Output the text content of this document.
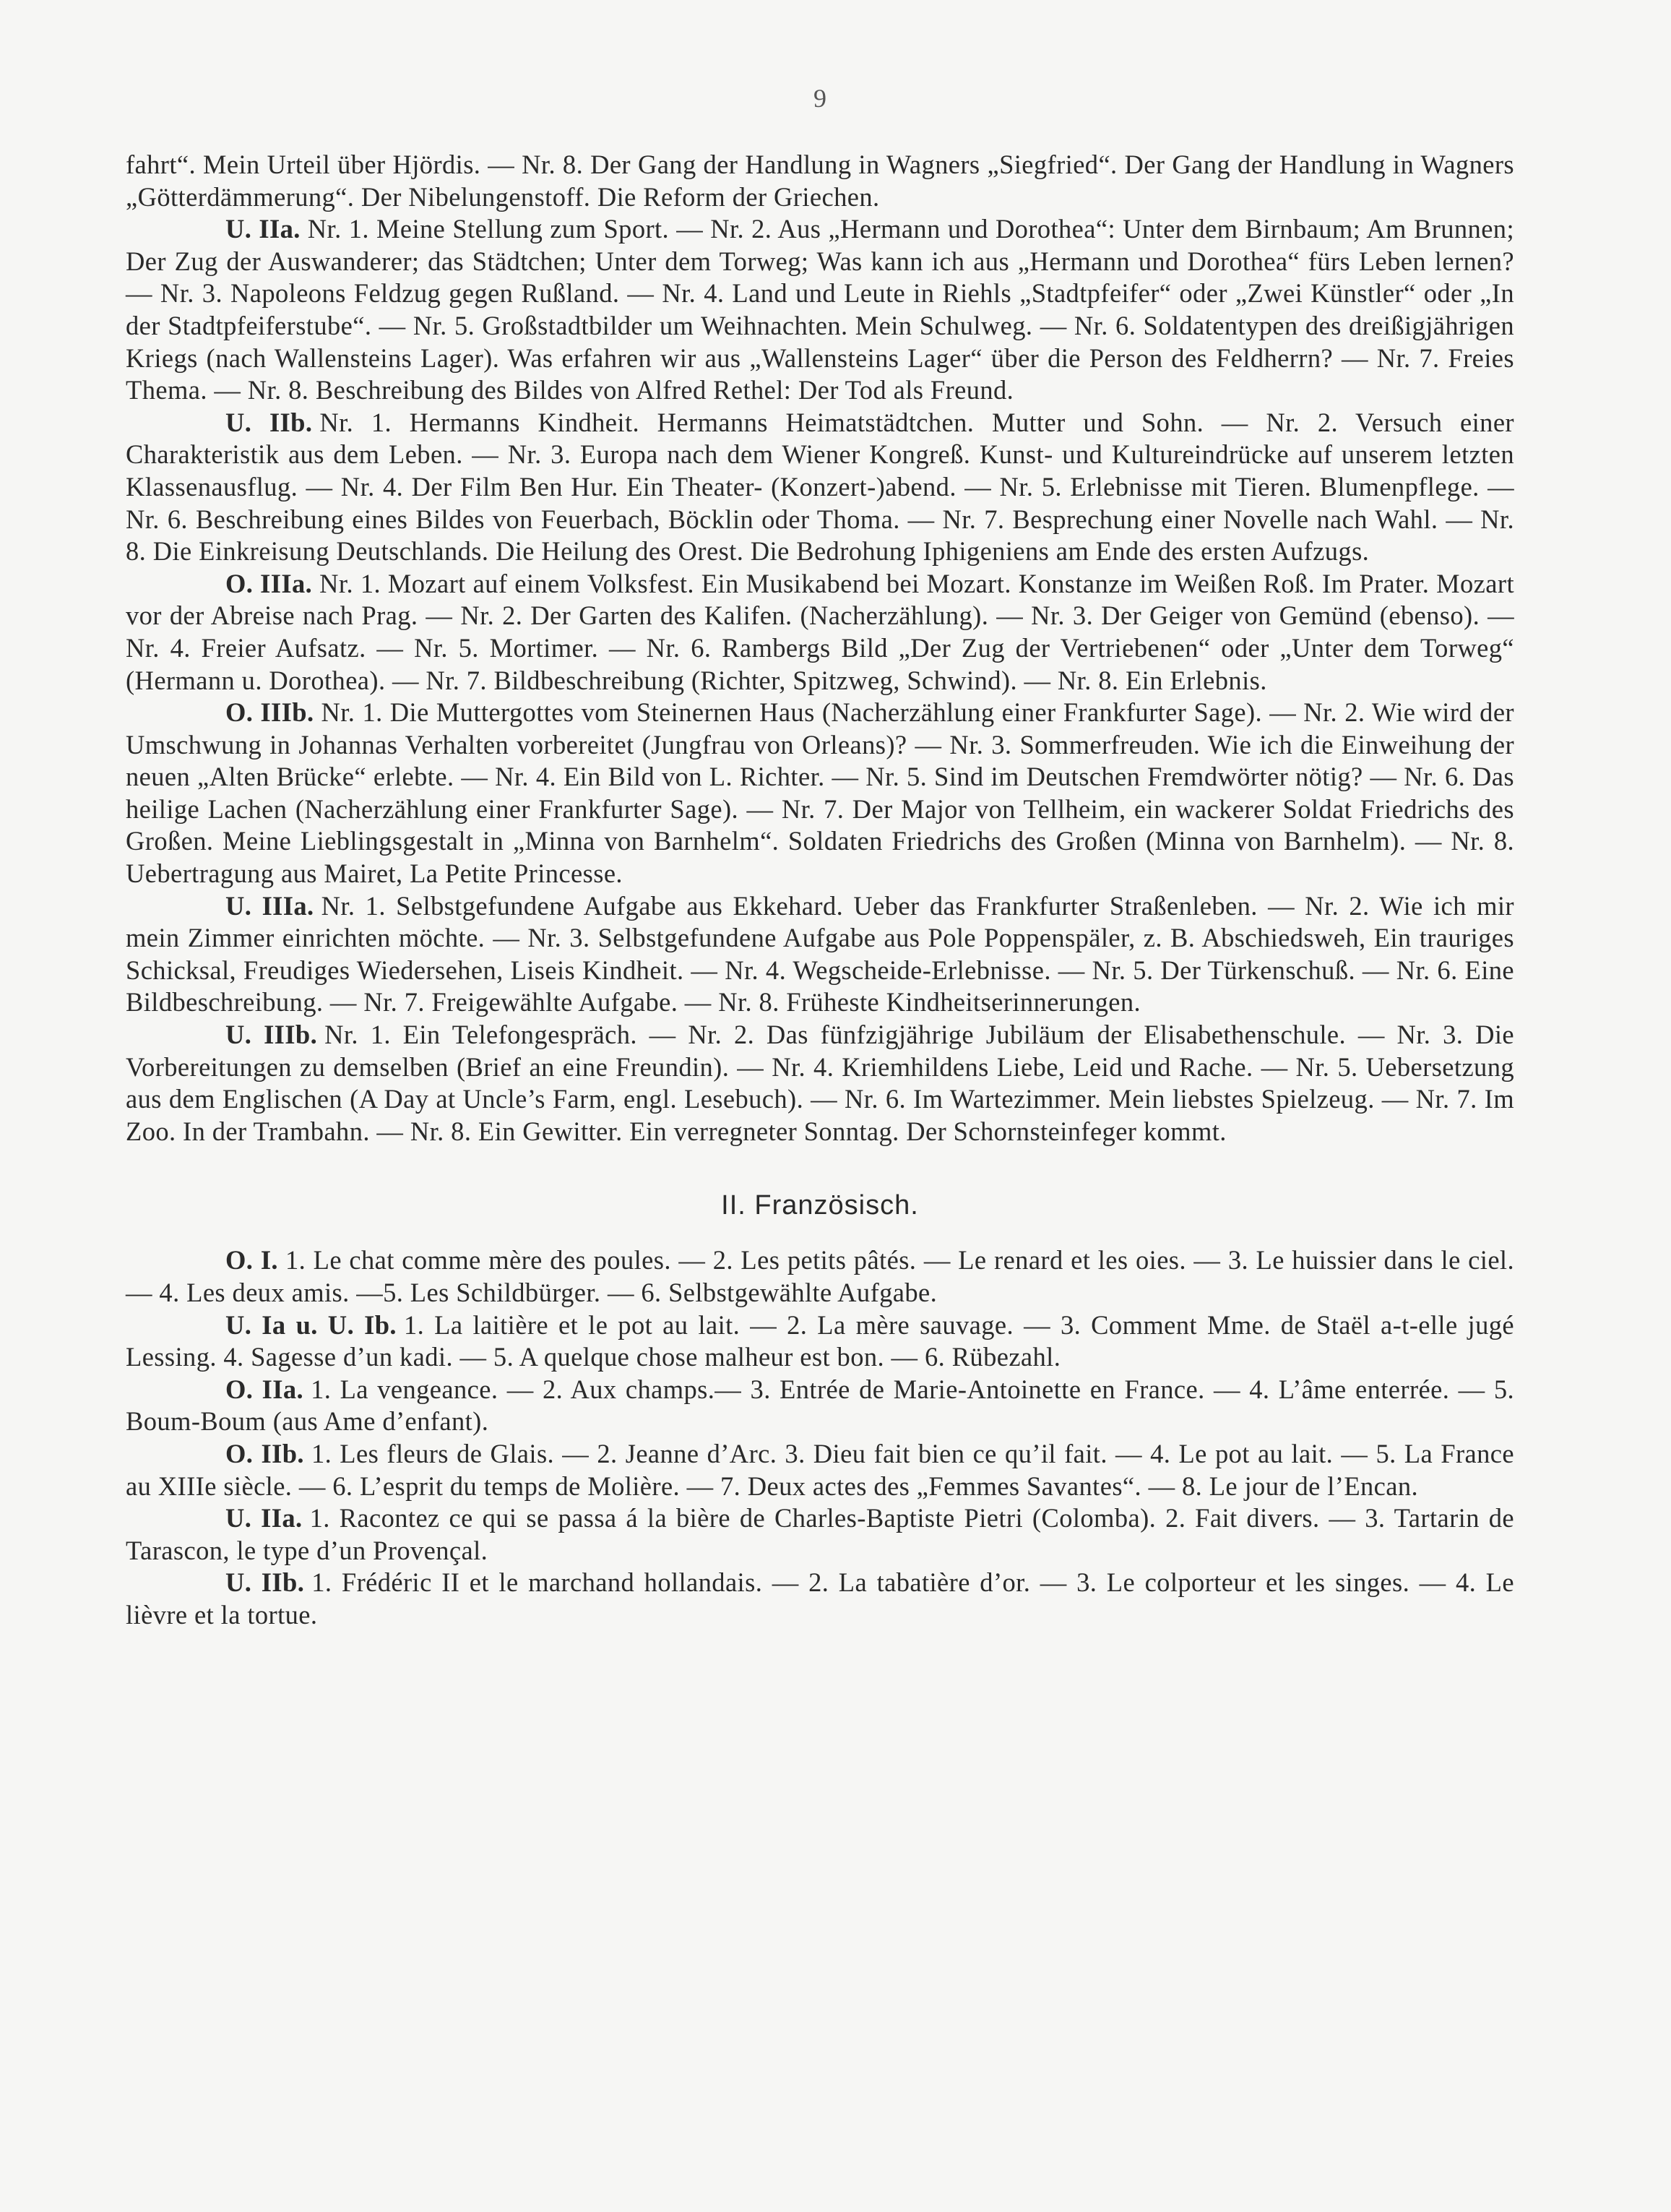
9

fahrt“. Mein Urteil über Hjördis. — Nr. 8. Der Gang der Handlung in Wagners „Siegfried“. Der Gang der Handlung in Wagners „Götterdämmerung“. Der Nibelungenstoff. Die Reform der Griechen.

U. IIa. Nr. 1. Meine Stellung zum Sport. — Nr. 2. Aus „Hermann und Dorothea“: Unter dem Birnbaum; Am Brunnen; Der Zug der Auswanderer; das Städtchen; Unter dem Torweg; Was kann ich aus „Hermann und Dorothea“ fürs Leben lernen? — Nr. 3. Napoleons Feldzug gegen Rußland. — Nr. 4. Land und Leute in Riehls „Stadtpfeifer“ oder „Zwei Künstler“ oder „In der Stadtpfeiferstube“. — Nr. 5. Großstadtbilder um Weihnachten. Mein Schulweg. — Nr. 6. Soldatentypen des dreißigjährigen Kriegs (nach Wallensteins Lager). Was erfahren wir aus „Wallensteins Lager“ über die Person des Feldherrn? — Nr. 7. Freies Thema. — Nr. 8. Beschreibung des Bildes von Alfred Rethel: Der Tod als Freund.

U. IIb. Nr. 1. Hermanns Kindheit. Hermanns Heimatstädtchen. Mutter und Sohn. — Nr. 2. Versuch einer Charakteristik aus dem Leben. — Nr. 3. Europa nach dem Wiener Kongreß. Kunst- und Kultureindrücke auf unserem letzten Klassenausflug. — Nr. 4. Der Film Ben Hur. Ein Theater- (Konzert-)abend. — Nr. 5. Erlebnisse mit Tieren. Blumenpflege. — Nr. 6. Beschreibung eines Bildes von Feuerbach, Böcklin oder Thoma. — Nr. 7. Besprechung einer Novelle nach Wahl. — Nr. 8. Die Einkreisung Deutschlands. Die Heilung des Orest. Die Bedrohung Iphigeniens am Ende des ersten Aufzugs.

O. IIIa. Nr. 1. Mozart auf einem Volksfest. Ein Musikabend bei Mozart. Konstanze im Weißen Roß. Im Prater. Mozart vor der Abreise nach Prag. — Nr. 2. Der Garten des Kalifen. (Nacherzählung). — Nr. 3. Der Geiger von Gemünd (ebenso). — Nr. 4. Freier Aufsatz. — Nr. 5. Mortimer. — Nr. 6. Rambergs Bild „Der Zug der Vertriebenen“ oder „Unter dem Torweg“ (Hermann u. Dorothea). — Nr. 7. Bildbeschreibung (Richter, Spitzweg, Schwind). — Nr. 8. Ein Erlebnis.

O. IIIb. Nr. 1. Die Muttergottes vom Steinernen Haus (Nacherzählung einer Frankfurter Sage). — Nr. 2. Wie wird der Umschwung in Johannas Verhalten vorbereitet (Jungfrau von Orleans)? — Nr. 3. Sommerfreuden. Wie ich die Einweihung der neuen „Alten Brücke“ erlebte. — Nr. 4. Ein Bild von L. Richter. — Nr. 5. Sind im Deutschen Fremdwörter nötig? — Nr. 6. Das heilige Lachen (Nacherzählung einer Frankfurter Sage). — Nr. 7. Der Major von Tellheim, ein wackerer Soldat Friedrichs des Großen. Meine Lieblingsgestalt in „Minna von Barnhelm“. Soldaten Friedrichs des Großen (Minna von Barnhelm). — Nr. 8. Uebertragung aus Mairet, La Petite Princesse.

U. IIIa. Nr. 1. Selbstgefundene Aufgabe aus Ekkehard. Ueber das Frankfurter Straßenleben. — Nr. 2. Wie ich mir mein Zimmer einrichten möchte. — Nr. 3. Selbstgefundene Aufgabe aus Pole Poppenspäler, z. B. Abschiedsweh, Ein trauriges Schicksal, Freudiges Wiedersehen, Liseis Kindheit. — Nr. 4. Wegscheide-Erlebnisse. — Nr. 5. Der Türkenschuß. — Nr. 6. Eine Bildbeschreibung. — Nr. 7. Freigewählte Aufgabe. — Nr. 8. Früheste Kindheitserinnerungen.

U. IIIb. Nr. 1. Ein Telefongespräch. — Nr. 2. Das fünfzigjährige Jubiläum der Elisabethenschule. — Nr. 3. Die Vorbereitungen zu demselben (Brief an eine Freundin). — Nr. 4. Kriemhildens Liebe, Leid und Rache. — Nr. 5. Uebersetzung aus dem Englischen (A Day at Uncle’s Farm, engl. Lesebuch). — Nr. 6. Im Wartezimmer. Mein liebstes Spielzeug. — Nr. 7. Im Zoo. In der Trambahn. — Nr. 8. Ein Gewitter. Ein verregneter Sonntag. Der Schornsteinfeger kommt.

II. Französisch.

O. I. 1. Le chat comme mère des poules. — 2. Les petits pâtés. — Le renard et les oies. — 3. Le huissier dans le ciel. — 4. Les deux amis. —5. Les Schildbürger. — 6. Selbstgewählte Aufgabe.

U. Ia u. U. Ib. 1. La laitière et le pot au lait. — 2. La mère sauvage. — 3. Comment Mme. de Staël a-t-elle jugé Lessing. 4. Sagesse d’un kadi. — 5. A quelque chose malheur est bon. — 6. Rübezahl.

O. IIa. 1. La vengeance. — 2. Aux champs.— 3. Entrée de Marie-Antoinette en France. — 4. L’âme enterrée. — 5. Boum-Boum (aus Ame d’enfant).

O. IIb. 1. Les fleurs de Glais. — 2. Jeanne d’Arc. 3. Dieu fait bien ce qu’il fait. — 4. Le pot au lait. — 5. La France au XIIIe siècle. — 6. L’esprit du temps de Molière. — 7. Deux actes des „Femmes Savantes“. — 8. Le jour de l’Encan.

U. IIa. 1. Racontez ce qui se passa á la bière de Charles-Baptiste Pietri (Colomba). 2. Fait divers. — 3. Tartarin de Tarascon, le type d’un Provençal.

U. IIb. 1. Frédéric II et le marchand hollandais. — 2. La tabatière d’or. — 3. Le colporteur et les singes. — 4. Le lièvre et la tortue.
